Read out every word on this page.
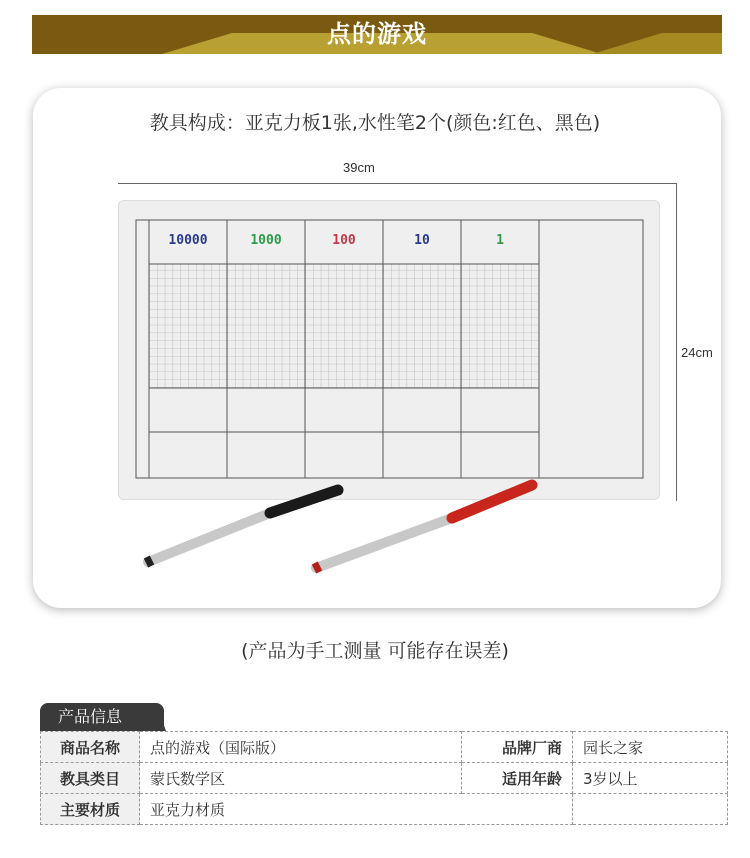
点的游戏
教具构成：亚克力板1张,水性笔2个(颜色:红色、黑色)
39cm
24cm
10000	1000	100	10	1
(产品为手工测量 可能存在误差)
产品信息
商品名称	点的游戏（国际版）	品牌厂商	园长之家
教具类目	蒙氏数学区	适用年龄	3岁以上
主要材质	亚克力材质		
